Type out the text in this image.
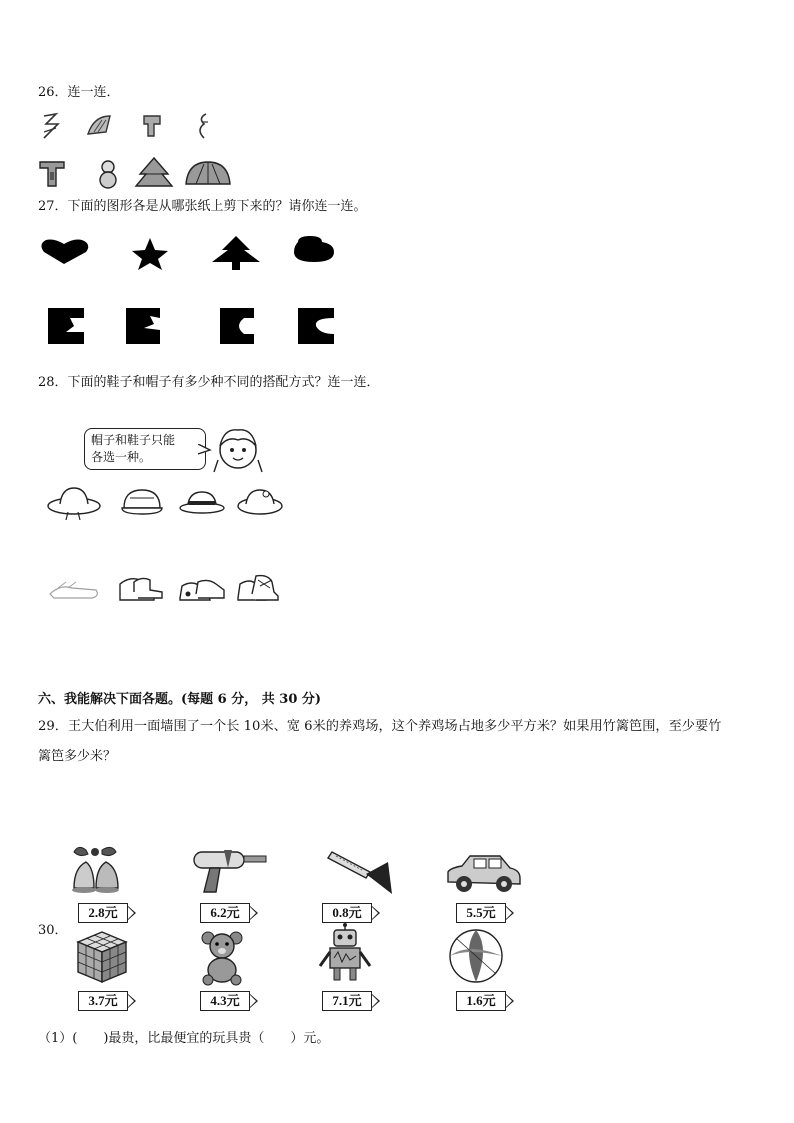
26．连一连．
27．下面的图形各是从哪张纸上剪下来的？请你连一连。
28．下面的鞋子和帽子有多少种不同的搭配方式？连一连．
帽子和鞋子只能
各选一种。
六、我能解决下面各题。(每题 6 分， 共 30 分)
29．王大伯利用一面墙围了一个长 10米、宽 6米的养鸡场，这个养鸡场占地多少平方米？如果用竹篱笆围，至少要竹
篱笆多少米？
30．
2.8元	6.2元	0.8元	5.5元
3.7元	4.3元	7.1元	1.6元
（1）(　　)最贵，比最便宜的玩具贵（　　）元。
